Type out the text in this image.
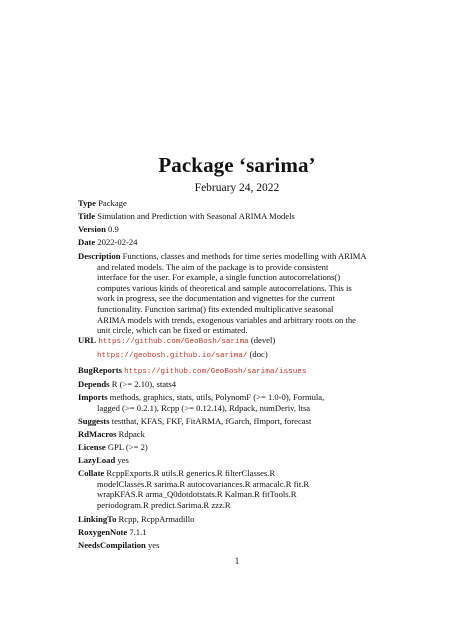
Package ‘sarima’
February 24, 2022
Type Package
Title Simulation and Prediction with Seasonal ARIMA Models
Version 0.9
Date 2022-02-24
Description Functions, classes and methods for time series modelling with ARIMA
and related models. The aim of the package is to provide consistent
interface for the user. For example, a single function autocorrelations()
computes various kinds of theoretical and sample autocorrelations. This is
work in progress, see the documentation and vignettes for the current
functionality. Function sarima() fits extended multiplicative seasonal
ARIMA models with trends, exogenous variables and arbitrary roots on the
unit circle, which can be fixed or estimated.
URL https://github.com/GeoBosh/sarima (devel)
https://geobosh.github.io/sarima/ (doc)
BugReports https://github.com/GeoBosh/sarima/issues
Depends R (>= 2.10), stats4
Imports methods, graphics, stats, utils, PolynomF (>= 1.0-0), Formula,
lagged (>= 0.2.1), Rcpp (>= 0.12.14), Rdpack, numDeriv, ltsa
Suggests testthat, KFAS, FKF, FitARMA, fGarch, fImport, forecast
RdMacros Rdpack
License GPL (>= 2)
LazyLoad yes
Collate RcppExports.R utils.R generics.R filterClasses.R
modelClasses.R sarima.R autocovariances.R armacalc.R fit.R
wrapKFAS.R arma_Q0dotdotstats.R Kalman.R fitTools.R
periodogram.R predict.Sarima.R zzz.R
LinkingTo Rcpp, RcppArmadillo
RoxygenNote 7.1.1
NeedsCompilation yes
1
